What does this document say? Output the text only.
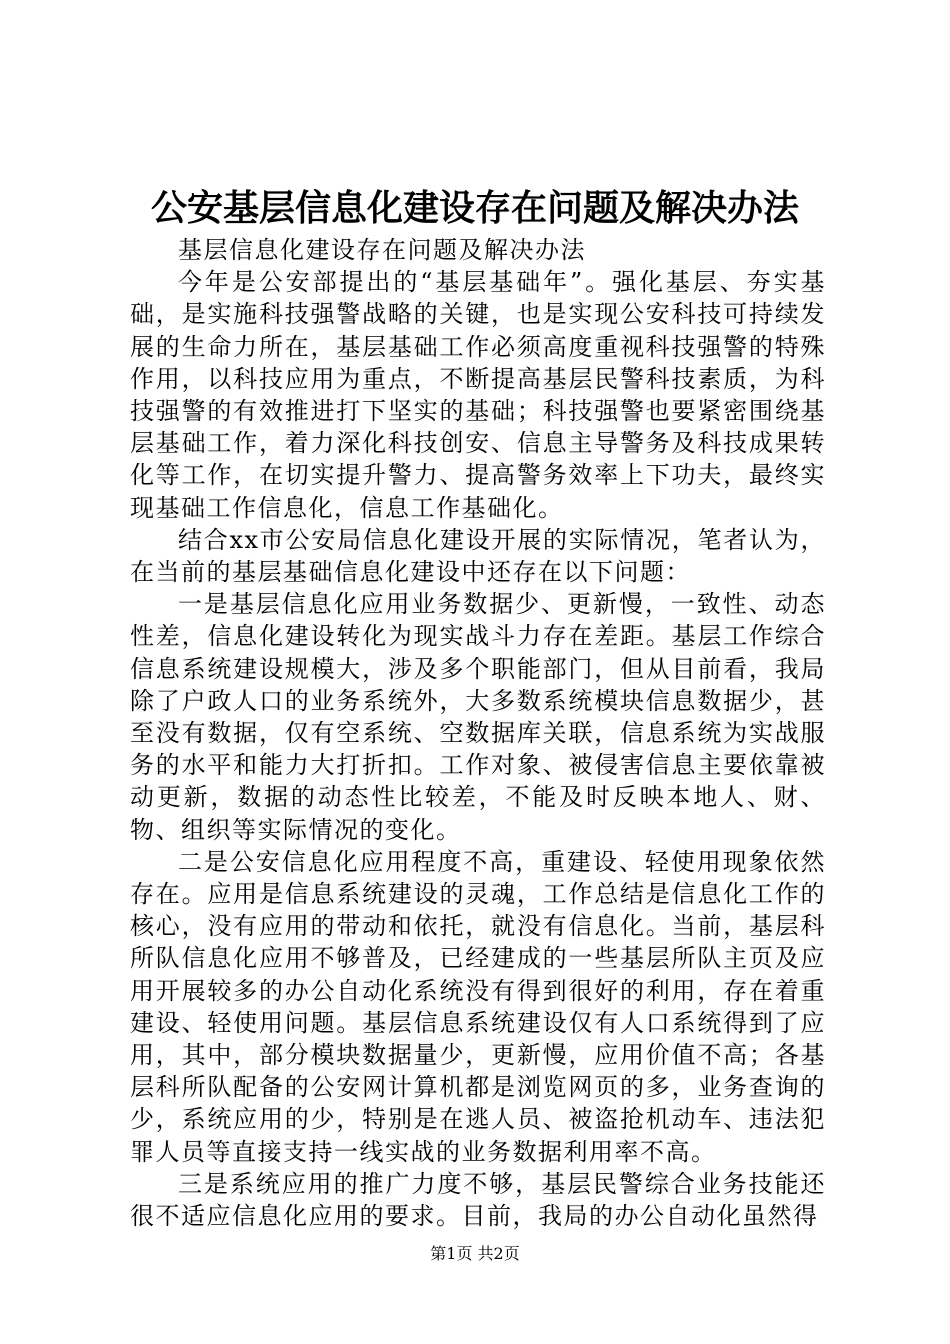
公安基层信息化建设存在问题及解决办法

基层信息化建设存在问题及解决办法

今年是公安部提出的“基层基础年”。强化基层、夯实基础，是实施科技强警战略的关键，也是实现公安科技可持续发展的生命力所在，基层基础工作必须高度重视科技强警的特殊作用，以科技应用为重点，不断提高基层民警科技素质，为科技强警的有效推进打下坚实的基础；科技强警也要紧密围绕基层基础工作，着力深化科技创安、信息主导警务及科技成果转化等工作，在切实提升警力、提高警务效率上下功夫，最终实现基础工作信息化，信息工作基础化。

结合xx市公安局信息化建设开展的实际情况，笔者认为，在当前的基层基础信息化建设中还存在以下问题：

一是基层信息化应用业务数据少、更新慢，一致性、动态性差，信息化建设转化为现实战斗力存在差距。基层工作综合信息系统建设规模大，涉及多个职能部门，但从目前看，我局除了户政人口的业务系统外，大多数系统模块信息数据少，甚至没有数据，仅有空系统、空数据库关联，信息系统为实战服务的水平和能力大打折扣。工作对象、被侵害信息主要依靠被动更新，数据的动态性比较差，不能及时反映本地人、财、物、组织等实际情况的变化。

二是公安信息化应用程度不高，重建设、轻使用现象依然存在。应用是信息系统建设的灵魂，工作总结是信息化工作的核心，没有应用的带动和依托，就没有信息化。当前，基层科所队信息化应用不够普及，已经建成的一些基层所队主页及应用开展较多的办公自动化系统没有得到很好的利用，存在着重建设、轻使用问题。基层信息系统建设仅有人口系统得到了应用，其中，部分模块数据量少，更新慢，应用价值不高；各基层科所队配备的公安网计算机都是浏览网页的多，业务查询的少，系统应用的少，特别是在逃人员、被盗抢机动车、违法犯罪人员等直接支持一线实战的业务数据利用率不高。

三是系统应用的推广力度不够，基层民警综合业务技能还很不适应信息化应用的要求。目前，我局的办公自动化虽然得

第1页 共2页
